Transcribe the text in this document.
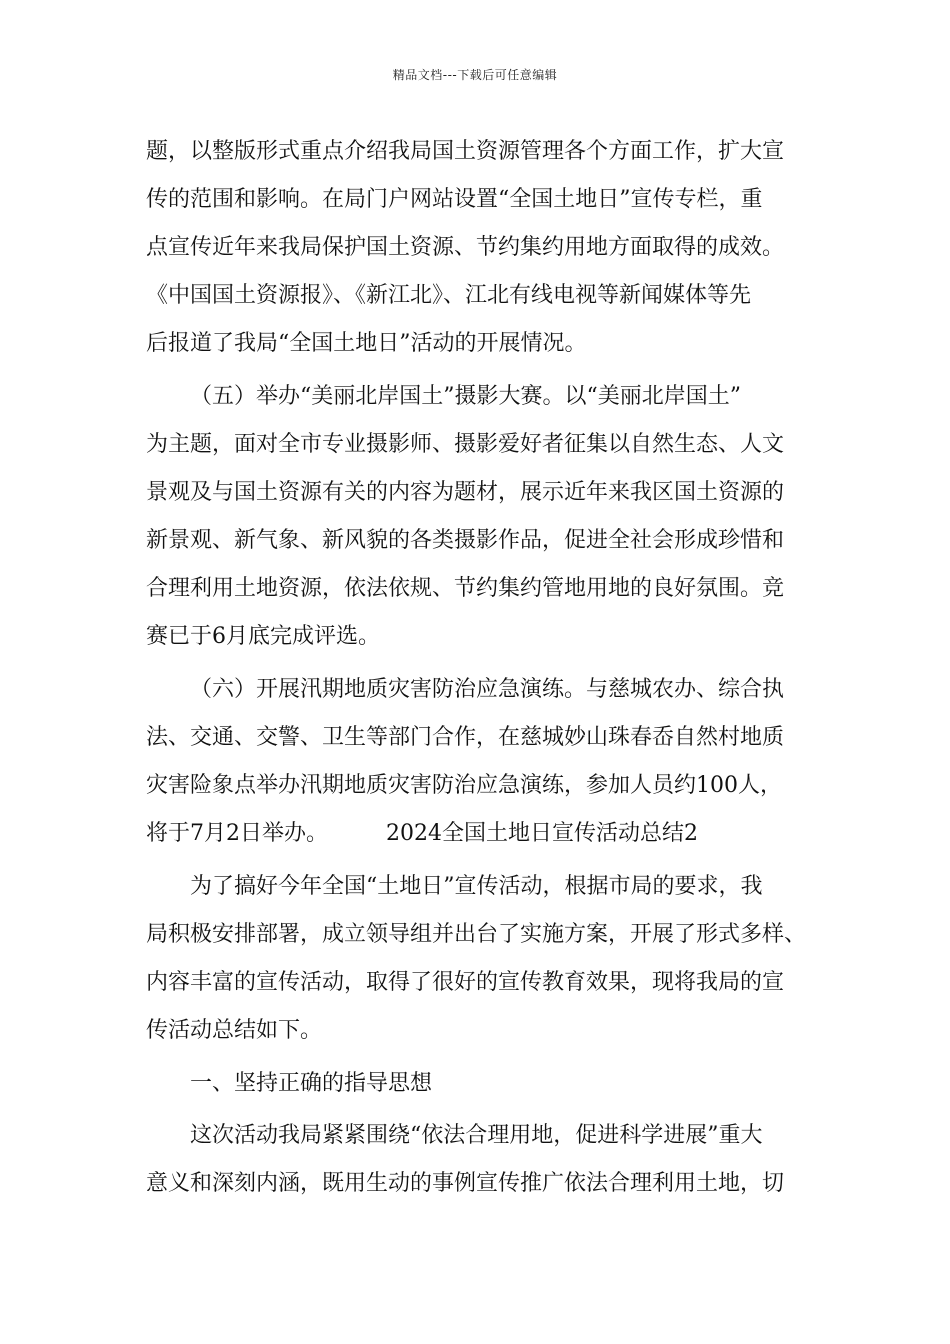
精品文档---下载后可任意编辑
题，以整版形式重点介绍我局国土资源管理各个方面工作，扩大宣
传的范围和影响。在局门户网站设置“全国土地日”宣传专栏，重
点宣传近年来我局保护国土资源、节约集约用地方面取得的成效。
《中国国土资源报》、《新江北》、江北有线电视等新闻媒体等先
后报道了我局“全国土地日”活动的开展情况。
（五）举办“美丽北岸国土”摄影大赛。以“美丽北岸国土”
为主题，面对全市专业摄影师、摄影爱好者征集以自然生态、人文
景观及与国土资源有关的内容为题材，展示近年来我区国土资源的
新景观、新气象、新风貌的各类摄影作品，促进全社会形成珍惜和
合理利用土地资源，依法依规、节约集约管地用地的良好氛围。竞
赛已于6月底完成评选。
（六）开展汛期地质灾害防治应急演练。与慈城农办、综合执
法、交通、交警、卫生等部门合作，在慈城妙山珠春岙自然村地质
灾害险象点举办汛期地质灾害防治应急演练，参加人员约100人，
将于7月2日举办。	2024全国土地日宣传活动总结2
为了搞好今年全国“土地日”宣传活动，根据市局的要求，我
局积极安排部署，成立领导组并出台了实施方案，开展了形式多样、
内容丰富的宣传活动，取得了很好的宣传教育效果，现将我局的宣
传活动总结如下。
一、坚持正确的指导思想
这次活动我局紧紧围绕“依法合理用地，促进科学进展”重大
意义和深刻内涵，既用生动的事例宣传推广依法合理利用土地，切
